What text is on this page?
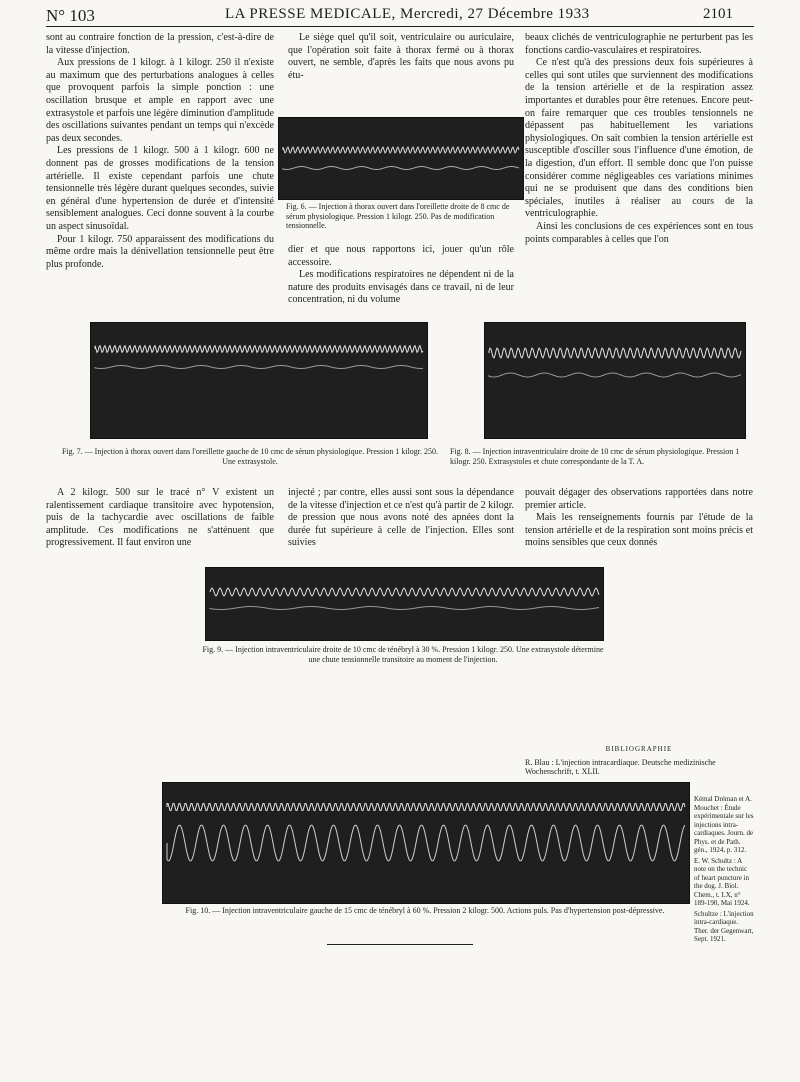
N° 103	LA PRESSE MEDICALE, Mercredi, 27 Décembre 1933	2101

sont au contraire fonction de la pression, c'est-à-dire de la vitesse d'injection.

Aux pressions de 1 kilogr. à 1 kilogr. 250 il n'existe au maximum que des perturbations analogues à celles que provoquent parfois la simple ponction : une oscillation brusque et ample en rapport avec une extrasystole et parfois une légère diminution d'amplitude des oscillations suivantes pendant un temps qui n'excède pas deux secondes.

Les pressions de 1 kilogr. 500 à 1 kilogr. 600 ne donnent pas de grosses modifications de la tension artérielle. Il existe cependant parfois une chute tensionnelle très légère durant quelques secondes, suivie en général d'une hypertension de durée et d'intensité sensiblement analogues. Ceci donne souvent à la courbe un aspect sinusoïdal.

Pour 1 kilogr. 750 apparaissent des modifications du même ordre mais la dénivellation tensionnelle peut être plus profonde.

Le siège quel qu'il soit, ventriculaire ou auriculaire, que l'opération soit faite à thorax fermé ou à thorax ouvert, ne semble, d'après les faits que nous avons pu étu-

Fig. 6. — Injection à thorax ouvert dans l'oreillette droite de 8 cmc de sérum physiologique. Pression 1 kilogr. 250. Pas de modification tensionnelle.

dier et que nous rapportons ici, jouer qu'un rôle accessoire.

Les modifications respiratoires ne dépendent ni de la nature des produits envisagés dans ce travail, ni de leur concentration, ni du volume

beaux clichés de ventriculographie ne perturbent pas les fonctions cardio-vasculaires et respiratoires.

Ce n'est qu'à des pressions deux fois supérieures à celles qui sont utiles que surviennent des modifications de la tension artérielle et de la respiration assez importantes et durables pour être retenues. Encore peut-on faire remarquer que ces troubles tensionnels ne dépassent pas habituellement les variations physiologiques. On sait combien la tension artérielle est susceptible d'osciller sous l'influence d'une émotion, de la digestion, d'un effort. Il semble donc que l'on puisse considérer comme négligeables ces variations minimes qui ne se produisent que dans des conditions bien spéciales, inutiles à réaliser au cours de la ventriculographie.

Ainsi les conclusions de ces expériences sont en tous points comparables à celles que l'on

Fig. 7. — Injection à thorax ouvert dans l'oreillette gauche de 10 cmc de sérum physiologique. Pression 1 kilogr. 250. Une extrasystole.
Fig. 8. — Injection intraventriculaire droite de 10 cmc de sérum physiologique. Pression 1 kilogr. 250. Extrasystoles et chute correspondante de la T. A.

A 2 kilogr. 500 sur le tracé n° V existent un ralentissement cardiaque transitoire avec hypotension, puis de la tachycardie avec oscillations de faible amplitude. Ces modifications ne s'atténuent que progressivement. Il faut environ une

injecté ; par contre, elles aussi sont sous la dépendance de la vitesse d'injection et ce n'est qu'à partir de 2 kilogr. de pression que nous avons noté des apnées dont la durée fut supérieure à celle de l'injection. Elles sont suivies

pouvait dégager des observations rapportées dans notre premier article.

Mais les renseignements fournis par l'étude de la tension artérielle et de la respiration sont moins précis et moins sensibles que ceux donnés

Fig. 9. — Injection intraventriculaire droite de 10 cmc de ténébryl à 30 %. Pression 1 kilogr. 250. Une extrasystole détermine une chute tensionnelle transitoire au moment de l'injection.
BIBLIOGRAPHIE

R. Blau : L'injection intracardiaque. Deutsche medizinische Wochenschrift, t. XLII.

Kémal Dréman et A. Mouchet : Étude expérimentale sur les injections intra-cardiaques. Journ. de Phys. et de Path. gén., 1924, p. 312.

E. W. Schultz : A note on the technic of heart puncture in the dog. J. Biol. Chem., t. LX, n° 189-190, Mai 1924.

Schultze : L'injection intra-cardiaque. Ther. der Gegenwart, Sept. 1921.

Fig. 10. — Injection intraventriculaire gauche de 15 cmc de ténébryl à 60 %. Pression 2 kilogr. 500. Actions puls. Pas d'hypertension post-dépressive.
